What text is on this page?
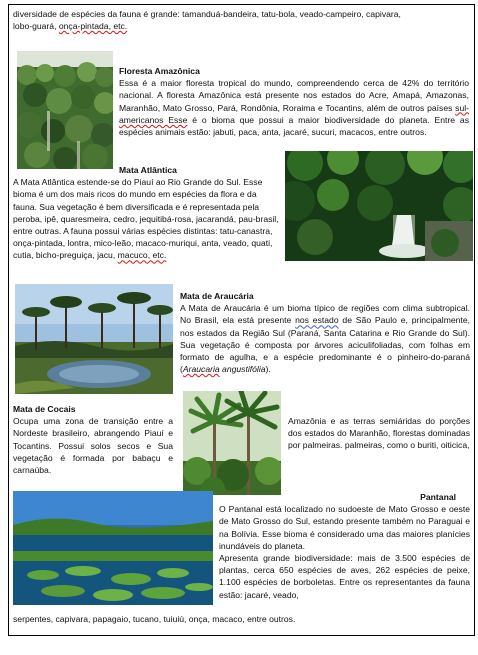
diversidade de espécies da fauna é grande: tamanduá-bandeira, tatu-bola, veado-campeiro, capivara,
lobo-guará, onça-pintada, etc.

Floresta Amazônica
Essa é a maior floresta tropical do mundo, compreendendo cerca de 42% do território nacional. A floresta Amazônica está presente nos estados do Acre, Amapá, Amazonas, Maranhão, Mato Grosso, Pará, Rondônia, Roraima e Tocantins, além de outros países sul-americanos Esse é o bioma que possui a maior biodiversidade do planeta. Entre as espécies animais estão: jabuti, paca, anta, jacaré, sucuri, macacos, entre outros.
Mata Atlântica
A Mata Atlântica estende-se do Piauí ao Rio Grande do Sul. Esse bioma é um dos mais ricos do mundo em espécies da flora e da fauna. Sua vegetação é bem diversificada e é representada pela peroba, ipê, quaresmeira, cedro, jequitibá-rosa, jacarandá, pau-brasil, entre outras. A fauna possui várias espécies distintas: tatu-canastra, onça-pintada, lontra, mico-leão, macaco-muriqui, anta, veado, quati, cutia, bicho-preguiça, jacu, macuco, etc.
Mata de Araucária
A Mata de Araucária é um bioma típico de regiões com clima subtropical. No Brasil, ela está presente nos estado de São Paulo e, principalmente, nos estados da Região Sul (Paraná, Santa Catarina e Rio Grande do Sul). Sua vegetação é composta por árvores aciculifoliadas, com folhas em formato de agulha, e a espécie predominante é o pinheiro-do-paraná (Araucaria angustifólia).
Mata de Cocais
Ocupa uma zona de transição entre a Nordeste brasileiro, abrangendo Piauí e Tocantins. Possui solos secos e Sua vegetação é formada por babaçu e carnaúba.
Amazônia e as terras semiáridas do porções dos estados do Maranhão, florestas dominadas por palmeiras. palmeiras, como o buriti, oiticica,
Pantanal
O Pantanal está localizado no sudoeste de Mato Grosso e oeste de Mato Grosso do Sul, estando presente também no Paraguai e na Bolívia. Esse bioma é considerado uma das maiores planícies inundáveis do planeta.
Apresenta grande biodiversidade: mais de 3.500 espécies de plantas, cerca 650 espécies de aves, 262 espécies de peixe, 1.100 espécies de borboletas. Entre os representantes da fauna estão: jacaré, veado,

serpentes, capivara, papagaio, tucano, tuiuiú, onça, macaco, entre outros.
